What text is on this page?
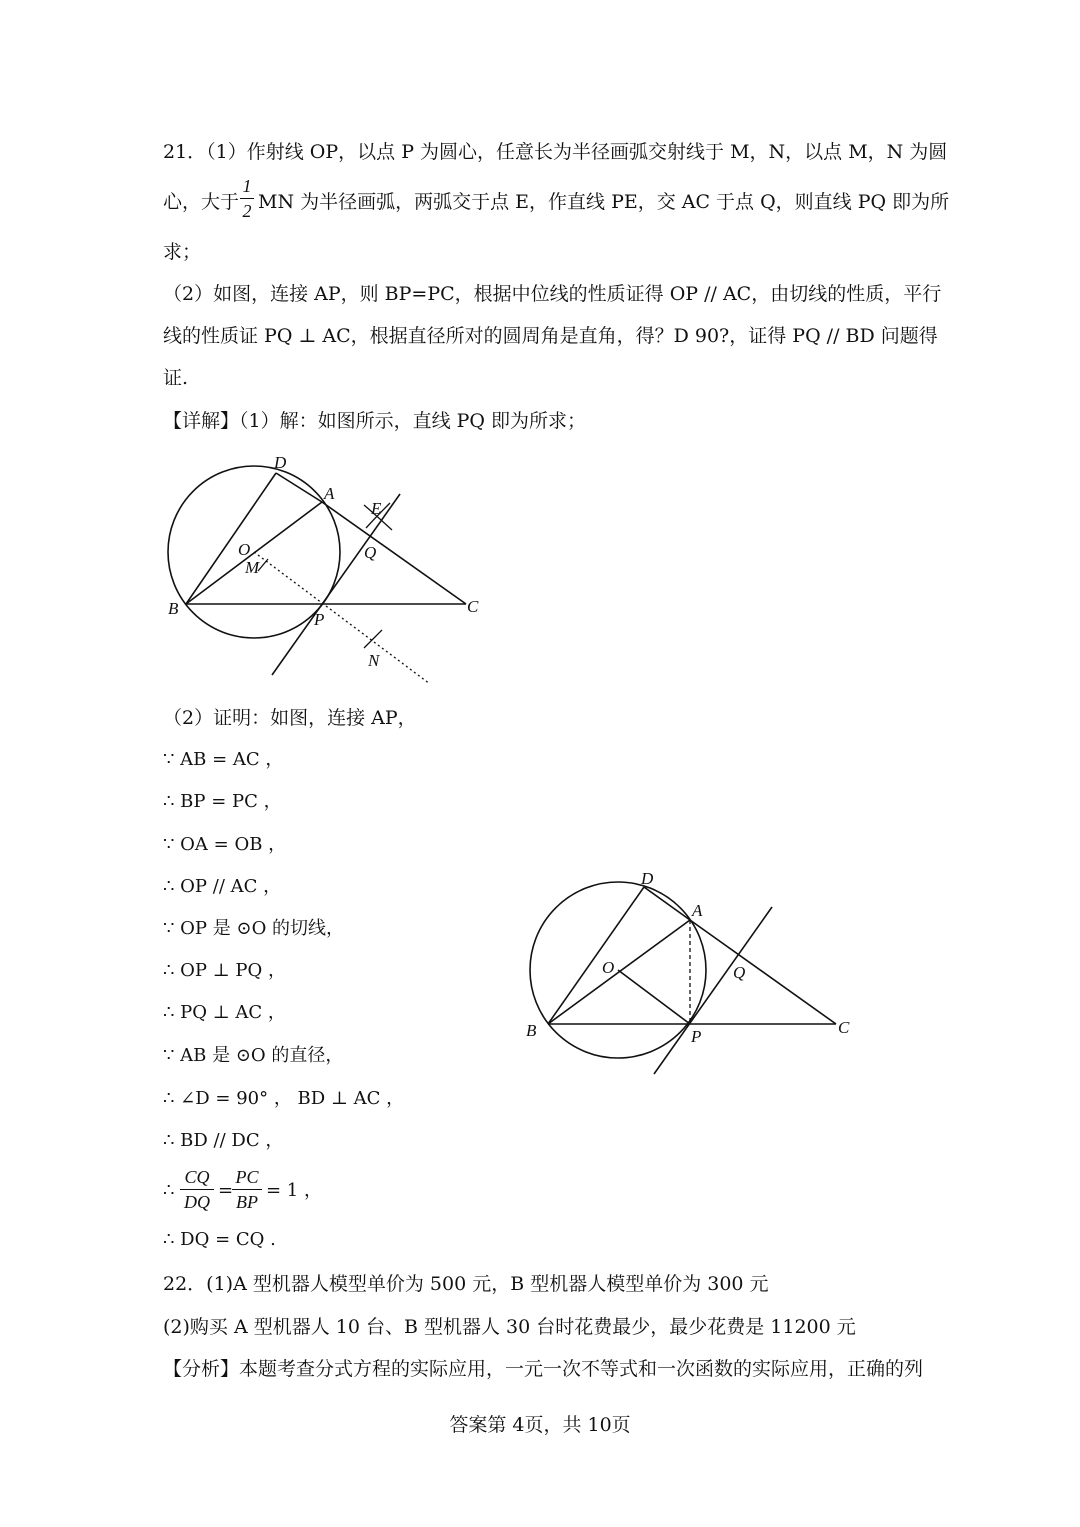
21．（1）作射线 OP，以点 P 为圆心，任意长为半径画弧交射线于 M，N，以点 M，N 为圆
心，大于
1
2 MN 为半径画弧，两弧交于点 E，作直线 PE，交 AC 于点 Q，则直线 PQ 即为所
求；
（2）如图，连接 AP，则 BP=PC，根据中位线的性质证得 OP // AC，由切线的性质，平行
线的性质证 PQ ⊥ AC，根据直径所对的圆周角是直角，得？D 90?，证得 PQ // BD 问题得
证.
【详解】（1）解：如图所示，直线 PQ 即为所求；
D
A
E
O
M
Q
B
P
C
N
（2）证明：如图，连接 AP，
∵ AB = AC ，
∴ BP = PC ，
∵ OA = OB ，
∴ OP // AC ，
∵ OP 是 ⊙O 的切线，
∴ OP ⊥ PQ ，
∴ PQ ⊥ AC ，
∵ AB 是 ⊙O 的直径，
∴ ∠D = 90° ， BD ⊥ AC ，
∴ BD // DC ，
∴
CQ
DQ
=
PC
BP
= 1 ，
∴ DQ = CQ .
D
A
O	Q
B	P	C
22．(1)A 型机器人模型单价为 500 元，B 型机器人模型单价为 300 元
(2)购买 A 型机器人 10 台、B 型机器人 30 台时花费最少，最少花费是 11200 元
【分析】本题考查分式方程的实际应用，一元一次不等式和一次函数的实际应用，正确的列
答案第 4页，共 10页
